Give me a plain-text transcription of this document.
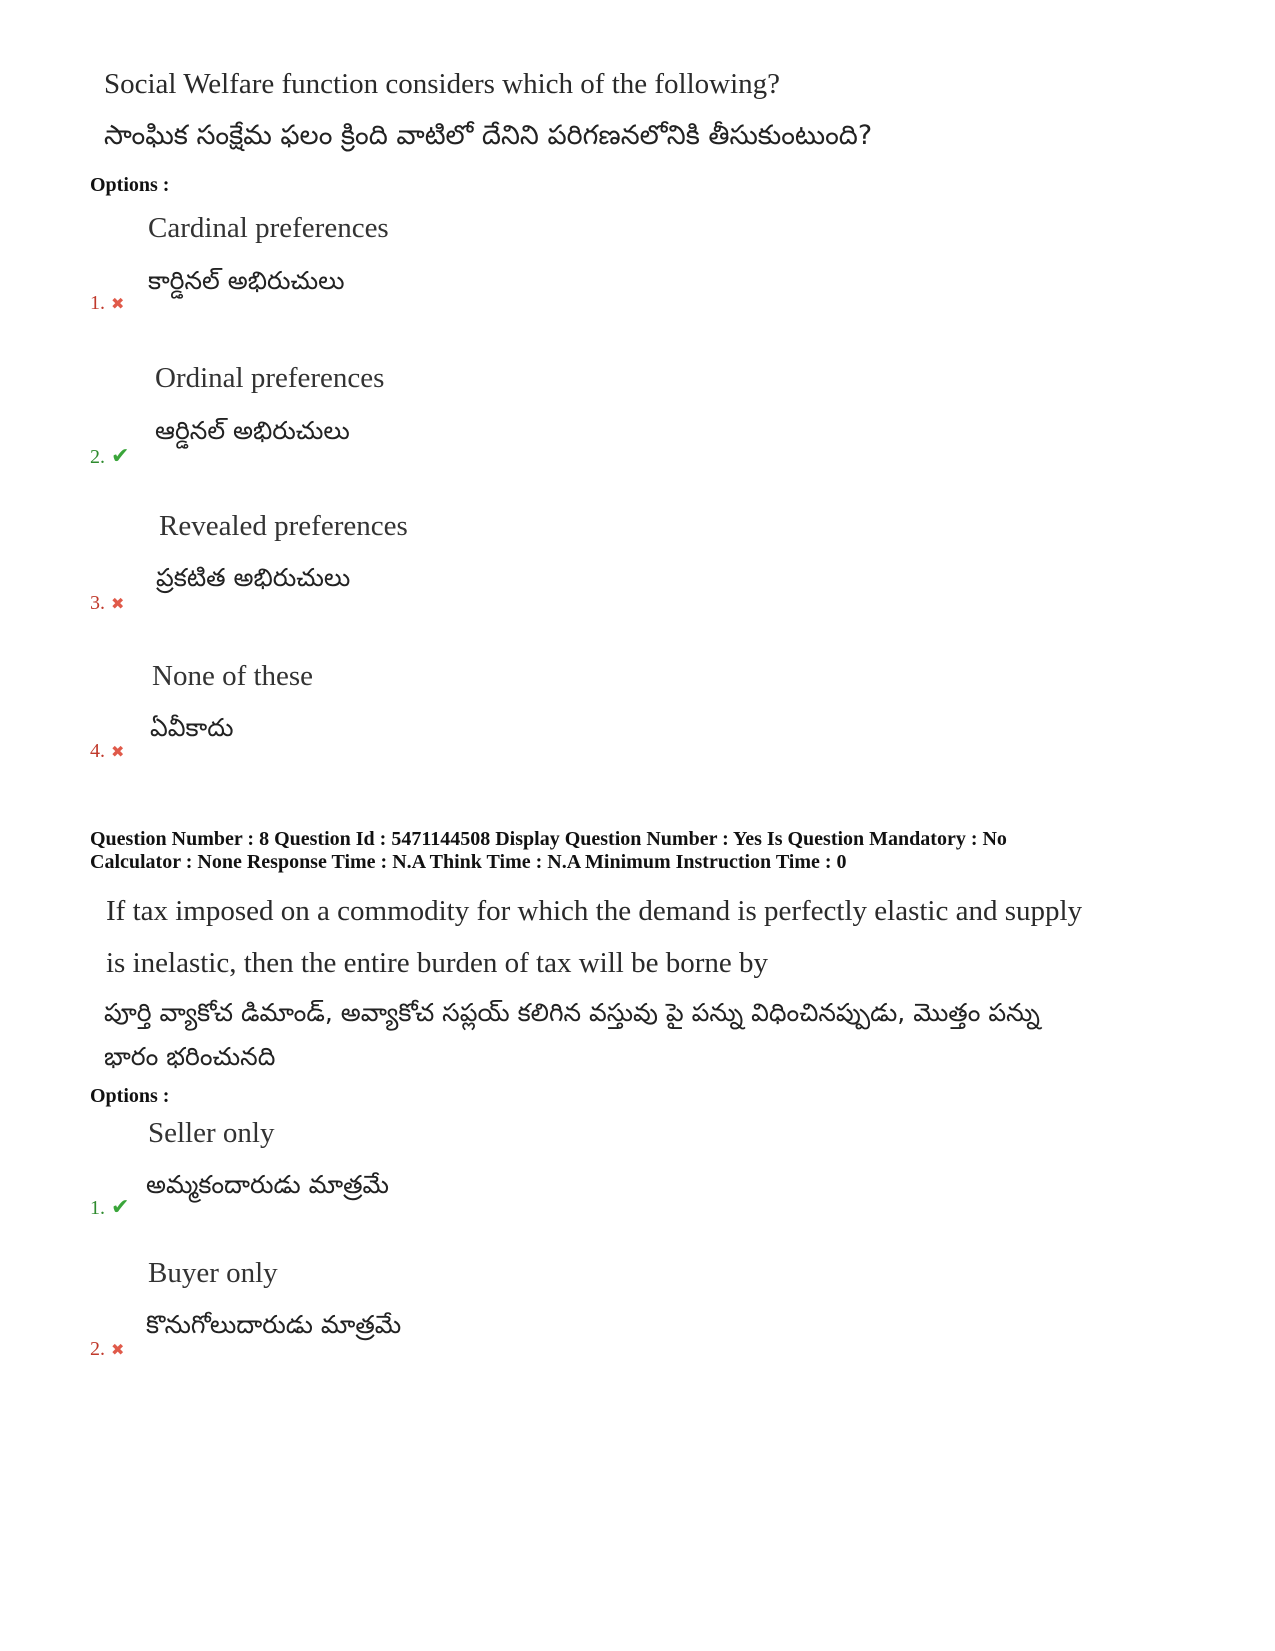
Social Welfare function considers which of the following?
సాంఘిక సంక్షేమ ఫలం క్రింది వాటిలో దేనిని పరిగణనలోనికి తీసుకుంటుంది?
Options :
Cardinal preferences
కార్డినల్ అభిరుచులు
1. ✖
Ordinal preferences
ఆర్డినల్ అభిరుచులు
2. ✔
Revealed preferences
ప్రకటిత అభిరుచులు
3. ✖
None of these
ఏవీకాదు
4. ✖
Question Number : 8 Question Id : 5471144508 Display Question Number : Yes Is Question Mandatory : No
Calculator : None Response Time : N.A Think Time : N.A Minimum Instruction Time : 0
If tax imposed on a commodity for which the demand is perfectly elastic and supply
is inelastic, then the entire burden of tax will be borne by
పూర్తి వ్యాకోచ డిమాండ్, అవ్యాకోచ సప్లయ్ కలిగిన వస్తువు పై పన్ను విధించినప్పుడు, మొత్తం పన్ను
భారం భరించునది
Options :
Seller only
అమ్మకందారుడు మాత్రమే
1. ✔
Buyer only
కొనుగోలుదారుడు మాత్రమే
2. ✖
